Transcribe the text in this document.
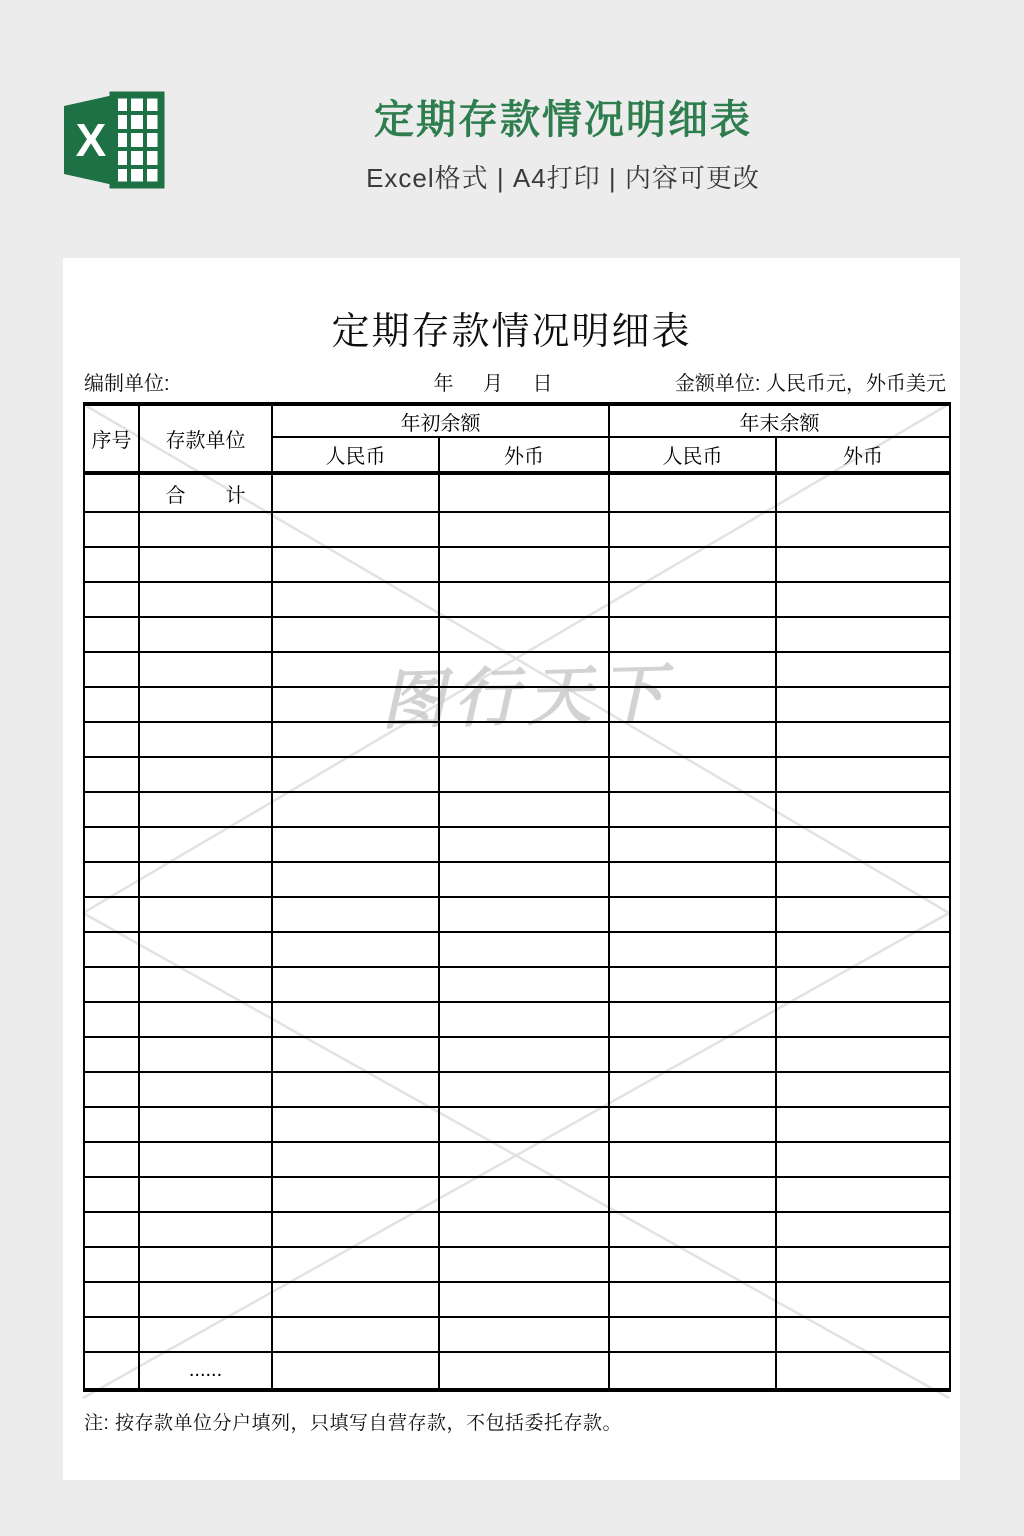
X	定期存款情况明细表

Excel格式 | A4打印 | 内容可更改

图行天下
定期存款情况明细表
编制单位:	年 月 日	金额单位: 人民币元，外币美元
序号	存款单位	年初余额		年末余额	
		人民币	外币	人民币	外币
	合　　计				

	......				

注: 按存款单位分户填列，只填写自营存款，不包括委托存款。
